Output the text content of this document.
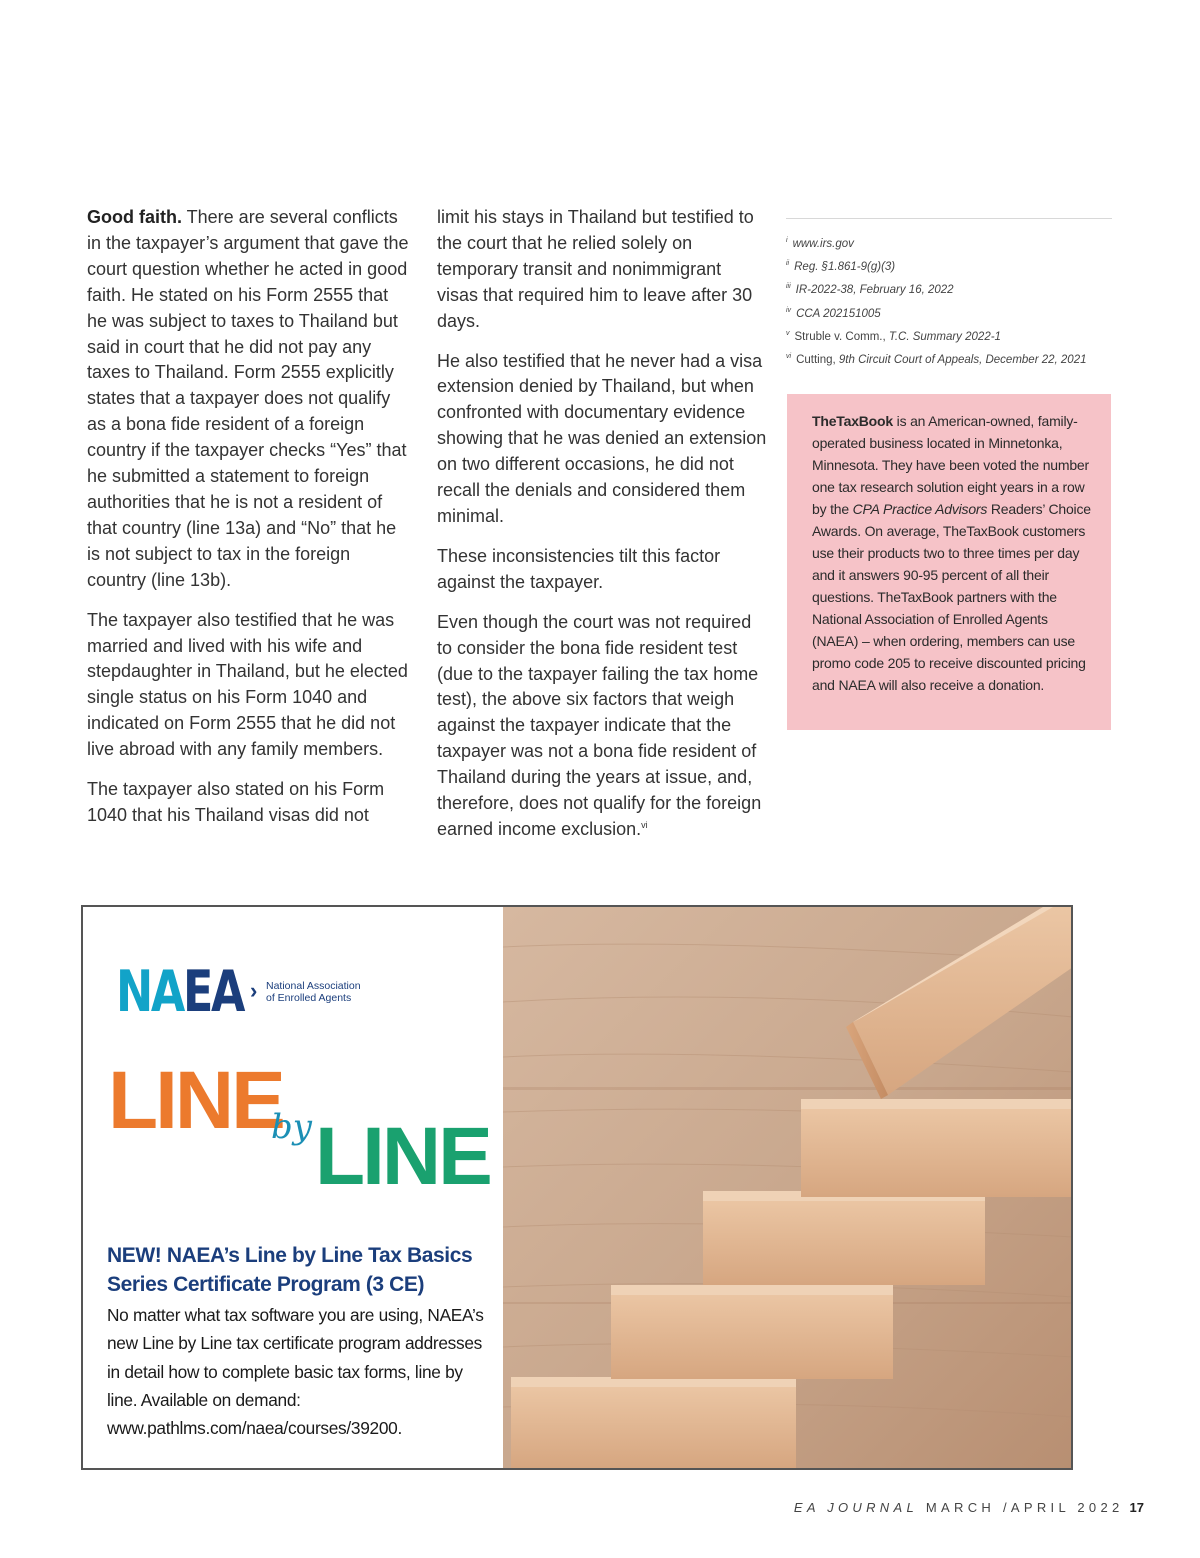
Good faith. There are several conflicts in the taxpayer’s argument that gave the court question whether he acted in good faith. He stated on his Form 2555 that he was subject to taxes to Thailand but said in court that he did not pay any taxes to Thailand. Form 2555 explicitly states that a taxpayer does not qualify as a bona fide resident of a foreign country if the taxpayer checks “Yes” that he submitted a statement to foreign authorities that he is not a resident of that country (line 13a) and “No” that he is not subject to tax in the foreign country (line 13b).

The taxpayer also testified that he was married and lived with his wife and stepdaughter in Thailand, but he elected single status on his Form 1040 and indicated on Form 2555 that he did not live abroad with any family members.

The taxpayer also stated on his Form 1040 that his Thailand visas did not

limit his stays in Thailand but testified to the court that he relied solely on temporary transit and nonimmigrant visas that required him to leave after 30 days.

He also testified that he never had a visa extension denied by Thailand, but when confronted with documentary evidence showing that he was denied an extension on two different occasions, he did not recall the denials and considered them minimal.

These inconsistencies tilt this factor against the taxpayer.

Even though the court was not required to consider the bona fide resident test (due to the taxpayer failing the tax home test), the above six factors that weigh against the taxpayer indicate that the taxpayer was not a bona fide resident of Thailand during the years at issue, and, therefore, does not qualify for the foreign earned income exclusion.$^{vi}$

$^i$ www.irs.gov
$^{ii}$ Reg. §1.861-9(g)(3)
$^{iii}$ IR-2022-38, February 16, 2022
$^{iv}$ CCA 202151005
$^v$ Struble v. Comm., T.C. Summary 2022-1
$^{vi}$ Cutting, 9th Circuit Court of Appeals, December 22, 2021
TheTaxBook is an American-owned, family-operated business located in Minnetonka, Minnesota. They have been voted the number one tax research solution eight years in a row by the CPA Practice Advisors Readers’ Choice Awards. On average, TheTaxBook customers use their products two to three times per day and it answers 90-95 percent of all their questions. TheTaxBook partners with the National Association of Enrolled Agents (NAEA) – when ordering, members can use promo code 205 to receive discounted pricing and NAEA will also receive a donation.
NAEA › National Association
of Enrolled Agents
LINE
by LINE
NEW! NAEA’s Line by Line Tax Basics Series Certificate Program (3 CE)
No matter what tax software you are using, NAEA’s new Line by Line tax certificate program addresses in detail how to complete basic tax forms, line by line. Available on demand: www.pathlms.com/naea/courses/39200.
EA JOURNAL MARCH /APRIL 2022 17
